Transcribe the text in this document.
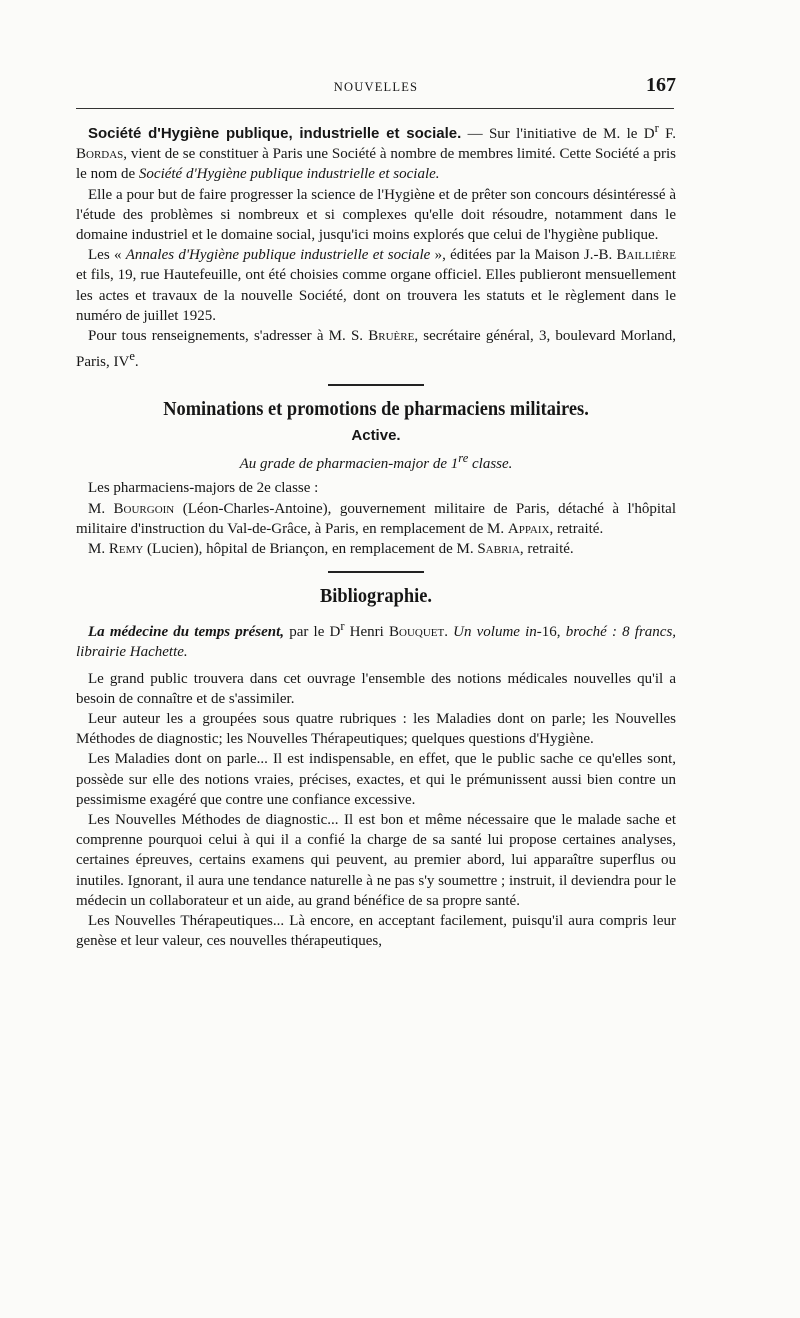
NOUVELLES	167

Société d'Hygiène publique, industrielle et sociale. — Sur l'initiative de M. le $D^r$ F. Bordas, vient de se constituer à Paris une Société à nombre de membres limité. Cette Société a pris le nom de Société d'Hygiène publique industrielle et sociale.

Elle a pour but de faire progresser la science de l'Hygiène et de prêter son concours désintéressé à l'étude des problèmes si nombreux et si complexes qu'elle doit résoudre, notamment dans le domaine industriel et le domaine social, jusqu'ici moins explorés que celui de l'hygiène publique.

Les « Annales d'Hygiène publique industrielle et sociale », éditées par la Maison J.-B. Baillière et fils, 19, rue Hautefeuille, ont été choisies comme organe officiel. Elles publieront mensuellement les actes et travaux de la nouvelle Société, dont on trouvera les statuts et le règlement dans le numéro de juillet 1925.

Pour tous renseignements, s'adresser à M. S. Bruère, secrétaire général, 3, boulevard Morland, Paris, IVe.

Nominations et promotions de pharmaciens militaires.
Active.
Au grade de pharmacien-major de 1re classe.

Les pharmaciens-majors de 2e classe :

M. Bourgoin (Léon-Charles-Antoine), gouvernement militaire de Paris, détaché à l'hôpital militaire d'instruction du Val-de-Grâce, à Paris, en remplacement de M. Appaix, retraité.

M. Remy (Lucien), hôpital de Briançon, en remplacement de M. Sabria, retraité.

Bibliographie.

La médecine du temps présent, par le $D^r$ Henri Bouquet. Un volume in-16, broché : 8 francs, librairie Hachette.

Le grand public trouvera dans cet ouvrage l'ensemble des notions médicales nouvelles qu'il a besoin de connaître et de s'assimiler.

Leur auteur les a groupées sous quatre rubriques : les Maladies dont on parle; les Nouvelles Méthodes de diagnostic; les Nouvelles Thérapeutiques; quelques questions d'Hygiène.

Les Maladies dont on parle... Il est indispensable, en effet, que le public sache ce qu'elles sont, possède sur elle des notions vraies, précises, exactes, et qui le prémunissent aussi bien contre un pessimisme exagéré que contre une confiance excessive.

Les Nouvelles Méthodes de diagnostic... Il est bon et même nécessaire que le malade sache et comprenne pourquoi celui à qui il a confié la charge de sa santé lui propose certaines analyses, certaines épreuves, certains examens qui peuvent, au premier abord, lui apparaître superflus ou inutiles. Ignorant, il aura une tendance naturelle à ne pas s'y soumettre ; instruit, il deviendra pour le médecin un collaborateur et un aide, au grand bénéfice de sa propre santé.

Les Nouvelles Thérapeutiques... Là encore, en acceptant facilement, puisqu'il aura compris leur genèse et leur valeur, ces nouvelles thérapeutiques,
